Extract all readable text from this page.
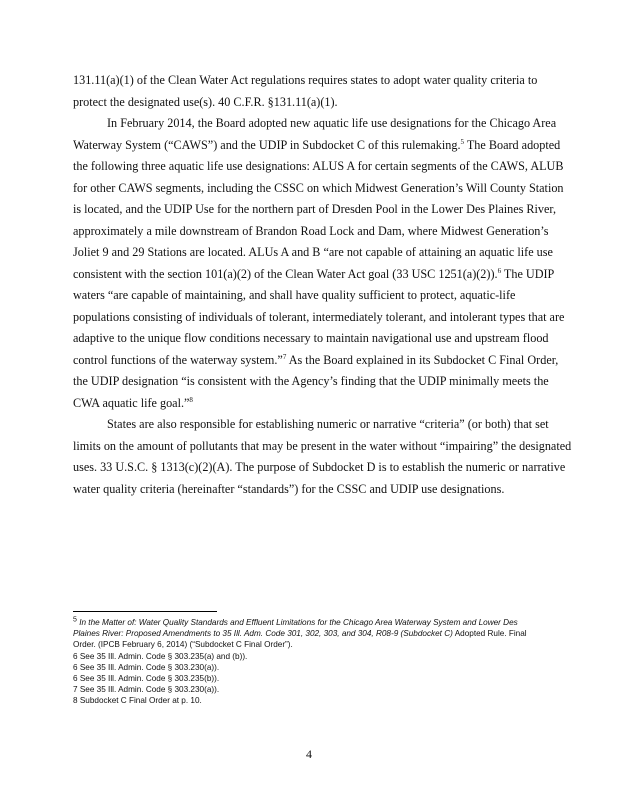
131.11(a)(1) of the Clean Water Act regulations requires states to adopt water quality criteria to protect the designated use(s). 40 C.F.R. §131.11(a)(1).

In February 2014, the Board adopted new aquatic life use designations for the Chicago Area Waterway System (“CAWS”) and the UDIP in Subdocket C of this rulemaking.$^5$ The Board adopted the following three aquatic life use designations: ALUS A for certain segments of the CAWS, ALUB for other CAWS segments, including the CSSC on which Midwest Generation’s Will County Station is located, and the UDIP Use for the northern part of Dresden Pool in the Lower Des Plaines River, approximately a mile downstream of Brandon Road Lock and Dam, where Midwest Generation’s Joliet 9 and 29 Stations are located. ALUs A and B “are not capable of attaining an aquatic life use consistent with the section 101(a)(2) of the Clean Water Act goal (33 USC 1251(a)(2)).$^6$ The UDIP waters “are capable of maintaining, and shall have quality sufficient to protect, aquatic-life populations consisting of individuals of tolerant, intermediately tolerant, and intolerant types that are adaptive to the unique flow conditions necessary to maintain navigational use and upstream flood control functions of the waterway system.”$^7$ As the Board explained in its Subdocket C Final Order, the UDIP designation “is consistent with the Agency’s finding that the UDIP minimally meets the CWA aquatic life goal.”$^8$

States are also responsible for establishing numeric or narrative “criteria” (or both) that set limits on the amount of pollutants that may be present in the water without “impairing” the designated uses. 33 U.S.C. § 1313(c)(2)(A). The purpose of Subdocket D is to establish the numeric or narrative water quality criteria (hereinafter “standards”) for the CSSC and UDIP use designations.

$^5$ In the Matter of: Water Quality Standards and Effluent Limitations for the Chicago Area Waterway System and Lower Des Plaines River: Proposed Amendments to 35 Ill. Adm. Code 301, 302, 303, and 304, R08-9 (Subdocket C) Adopted Rule. Final Order. (IPCB February 6, 2014) (“Subdocket C Final Order”).

6 See 35 Ill. Admin. Code § 303.235(a) and (b)).

6 See 35 Ill. Admin. Code § 303.230(a)).

6 See 35 Ill. Admin. Code § 303.235(b)).

7 See 35 Ill. Admin. Code § 303.230(a)).

8 Subdocket C Final Order at p. 10.

4
